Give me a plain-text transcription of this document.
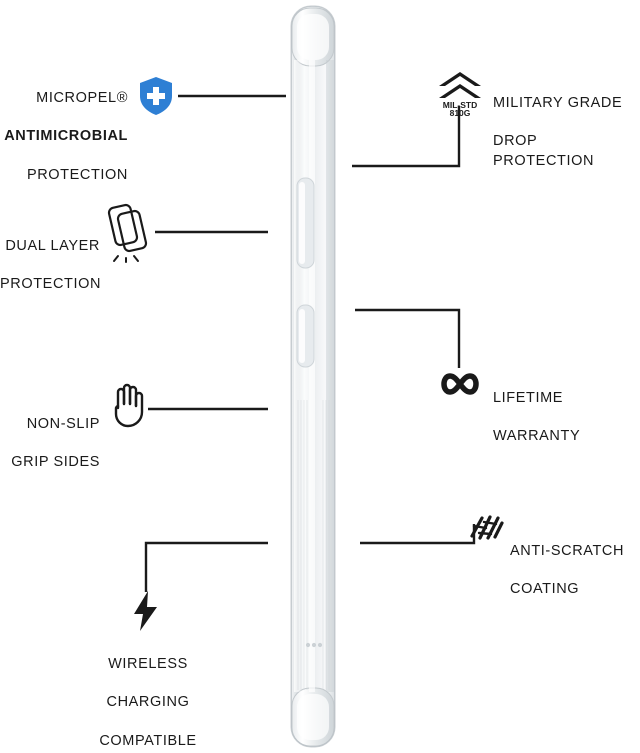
MICROPEL®

ANTIMICROBIAL

PROTECTION

MIL-STD
810G

MILITARY GRADE

DROP PROTECTION

DUAL LAYER

PROTECTION

LIFETIME

WARRANTY

NON-SLIP

GRIP SIDES

ANTI-SCRATCH

COATING

WIRELESS

CHARGING

COMPATIBLE
